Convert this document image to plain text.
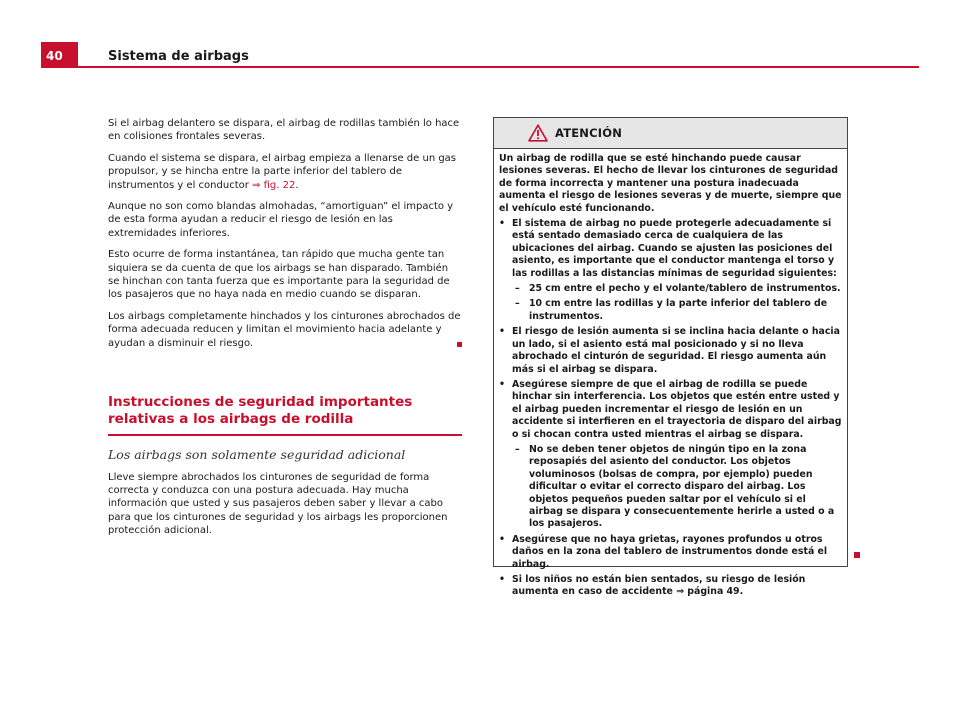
40	Sistema de airbags

Si el airbag delantero se dispara, el airbag de rodillas también lo hace en colisiones frontales severas.

Cuando el sistema se dispara, el airbag empieza a llenarse de un gas propulsor, y se hincha entre la parte inferior del tablero de instrumentos y el conductor ⇒ fig. 22.

Aunque no son como blandas almohadas, “amortiguan” el impacto y de esta forma ayudan a reducir el riesgo de lesión en las extremidades inferiores.

Esto ocurre de forma instantánea, tan rápido que mucha gente tan siquiera se da cuenta de que los airbags se han disparado. También se hinchan con tanta fuerza que es importante para la seguridad de los pasajeros que no haya nada en medio cuando se disparan.

Los airbags completamente hinchados y los cinturones abrochados de forma adecuada reducen y limitan el movimiento hacia adelante y ayudan a disminuir el riesgo.

Instrucciones de seguridad importantes relativas a los airbags de rodilla
Los airbags son solamente seguridad adicional

Lleve siempre abrochados los cinturones de seguridad de forma correcta y conduzca con una postura adecuada. Hay mucha información que usted y sus pasajeros deben saber y llevar a cabo para que los cinturones de seguridad y los airbags les proporcionen protección adicional.

ATENCIÓN

Un airbag de rodilla que se esté hinchando puede causar lesiones severas. El hecho de llevar los cinturones de seguridad de forma incorrecta y mantener una postura inadecuada aumenta el riesgo de lesiones severas y de muerte, siempre que el vehículo esté funcionando.

• El sistema de airbag no puede protegerle adecuadamente si está sentado demasiado cerca de cualquiera de las ubicaciones del airbag. Cuando se ajusten las posiciones del asiento, es importante que el conductor mantenga el torso y las rodillas a las distancias mínimas de seguridad siguientes:
– 25 cm entre el pecho y el volante/tablero de instrumentos.
– 10 cm entre las rodillas y la parte inferior del tablero de instrumentos.
• El riesgo de lesión aumenta si se inclina hacia delante o hacia un lado, si el asiento está mal posicionado y si no lleva abrochado el cinturón de seguridad. El riesgo aumenta aún más si el airbag se dispara.
• Asegúrese siempre de que el airbag de rodilla se puede hinchar sin interferencia. Los objetos que estén entre usted y el airbag pueden incrementar el riesgo de lesión en un accidente si interfieren en el trayectoria de disparo del airbag o si chocan contra usted mientras el airbag se dispara.
– No se deben tener objetos de ningún tipo en la zona reposapiés del asiento del conductor. Los objetos voluminosos (bolsas de compra, por ejemplo) pueden dificultar o evitar el correcto disparo del airbag. Los objetos pequeños pueden saltar por el vehículo si el airbag se dispara y consecuentemente herirle a usted o a los pasajeros.
• Asegúrese que no haya grietas, rayones profundos u otros daños en la zona del tablero de instrumentos donde está el airbag.
• Si los niños no están bien sentados, su riesgo de lesión aumenta en caso de accidente ⇒ página 49.
